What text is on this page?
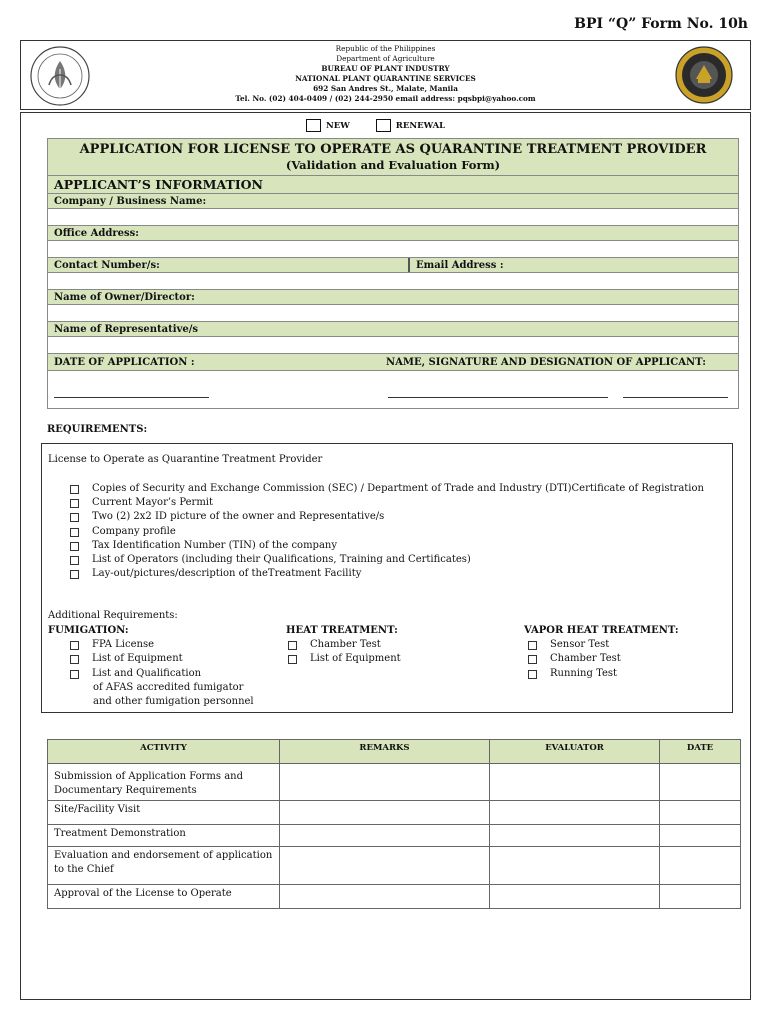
BPI “Q” Form No. 10h
Republic of the Philippines
Department of Agriculture
BUREAU OF PLANT INDUSTRY
NATIONAL PLANT QUARANTINE SERVICES
692 San Andres St., Malate, Manila
Tel. No. (02) 404-0409 / (02) 244-2950 email address: pqsbpi@yahoo.com
NEW	RENEWAL
APPLICATION FOR LICENSE TO OPERATE AS QUARANTINE TREATMENT PROVIDER
(Validation and Evaluation Form)
APPLICANT’S INFORMATION
Company / Business Name:
Office Address:
Contact Number/s:	Email Address :
Name of Owner/Director:
Name of Representative/s
DATE OF APPLICATION :	NAME, SIGNATURE AND DESIGNATION OF APPLICANT:
REQUIREMENTS:
License to Operate as Quarantine Treatment Provider
Copies of Security and Exchange Commission (SEC) / Department of Trade and Industry (DTI)Certificate of Registration
Current Mayor’s Permit
Two (2) 2x2 ID picture of the owner and Representative/s
Company profile
Tax Identification Number (TIN) of the company
List of Operators (including their Qualifications, Training and Certificates)
Lay-out/pictures/description of theTreatment Facility
Additional Requirements:
FUMIGATION:
FPA License
List of Equipment
List and Qualification
of AFAS accredited fumigator
and other fumigation personnel
HEAT TREATMENT:
Chamber Test
List of Equipment
VAPOR HEAT TREATMENT:
Sensor Test
Chamber Test
Running Test
ACTIVITY	REMARKS	EVALUATOR	DATE
Submission of Application Forms and Documentary Requirements			
Site/Facility Visit			
Treatment Demonstration			
Evaluation and endorsement of application to the Chief			
Approval of the License to Operate			
